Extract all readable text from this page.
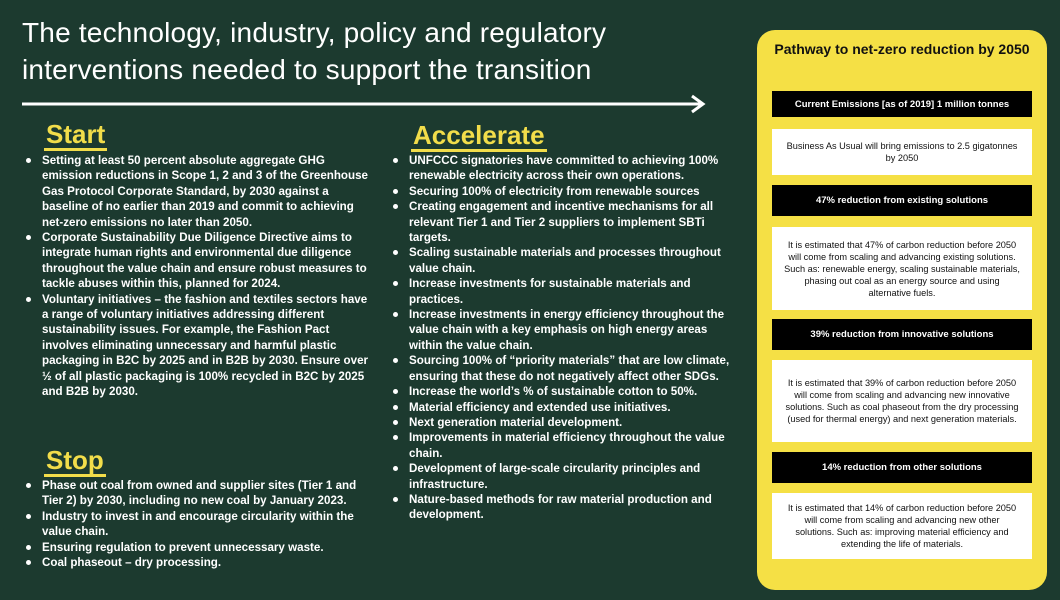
The technology, industry, policy and regulatory interventions needed to support the transition
Start
Setting at least 50 percent absolute aggregate GHG emission reductions in Scope 1, 2 and 3 of the Greenhouse Gas Protocol Corporate Standard, by 2030 against a baseline of no earlier than 2019 and commit to achieving net-zero emissions no later than 2050.
Corporate Sustainability Due Diligence Directive aims to integrate human rights and environmental due diligence throughout the value chain and ensure robust measures to tackle abuses within this, planned for 2024.
Voluntary initiatives – the fashion and textiles sectors have a range of voluntary initiatives addressing different sustainability issues. For example, the Fashion Pact involves eliminating unnecessary and harmful plastic packaging in B2C by 2025 and in B2B by 2030. Ensure over ½ of all plastic packaging is 100% recycled in B2C by 2025 and B2B by 2030.
Stop
Phase out coal from owned and supplier sites (Tier 1 and Tier 2) by 2030, including no new coal by January 2023.
Industry to invest in and encourage circularity within the value chain.
Ensuring regulation to prevent unnecessary waste.
Coal phaseout – dry processing.
Accelerate
UNFCCC signatories have committed to achieving 100% renewable electricity across their own operations.
Securing 100% of electricity from renewable sources
Creating engagement and incentive mechanisms for all relevant Tier 1 and Tier 2 suppliers to implement SBTi targets.
Scaling sustainable materials and processes throughout value chain.
Increase investments for sustainable materials and practices.
Increase investments in energy efficiency throughout the value chain with a key emphasis on high energy areas within the value chain.
Sourcing 100% of “priority materials” that are low climate, ensuring that these do not negatively affect other SDGs.
Increase the world’s % of sustainable cotton to 50%.
Material efficiency and extended use initiatives.
Next generation material development.
Improvements in material efficiency throughout the value chain.
Development of large-scale circularity principles and infrastructure.
Nature-based methods for raw material production and development.
Pathway to net-zero reduction by 2050
Current Emissions [as of 2019] 1 million tonnes
Business As Usual will bring emissions to 2.5 gigatonnes by 2050
47% reduction from existing solutions
It is estimated that 47% of carbon reduction before 2050 will come from scaling and advancing existing solutions. Such as: renewable energy, scaling sustainable materials, phasing out coal as an energy source and using alternative fuels.
39% reduction from innovative solutions
It is estimated that 39% of carbon reduction before 2050 will come from scaling and advancing new innovative solutions. Such as coal phaseout from the dry processing (used for thermal energy) and next generation materials.
14% reduction from other solutions
It is estimated that 14% of carbon reduction before 2050 will come from scaling and advancing new other solutions. Such as: improving material efficiency and extending the life of materials.
